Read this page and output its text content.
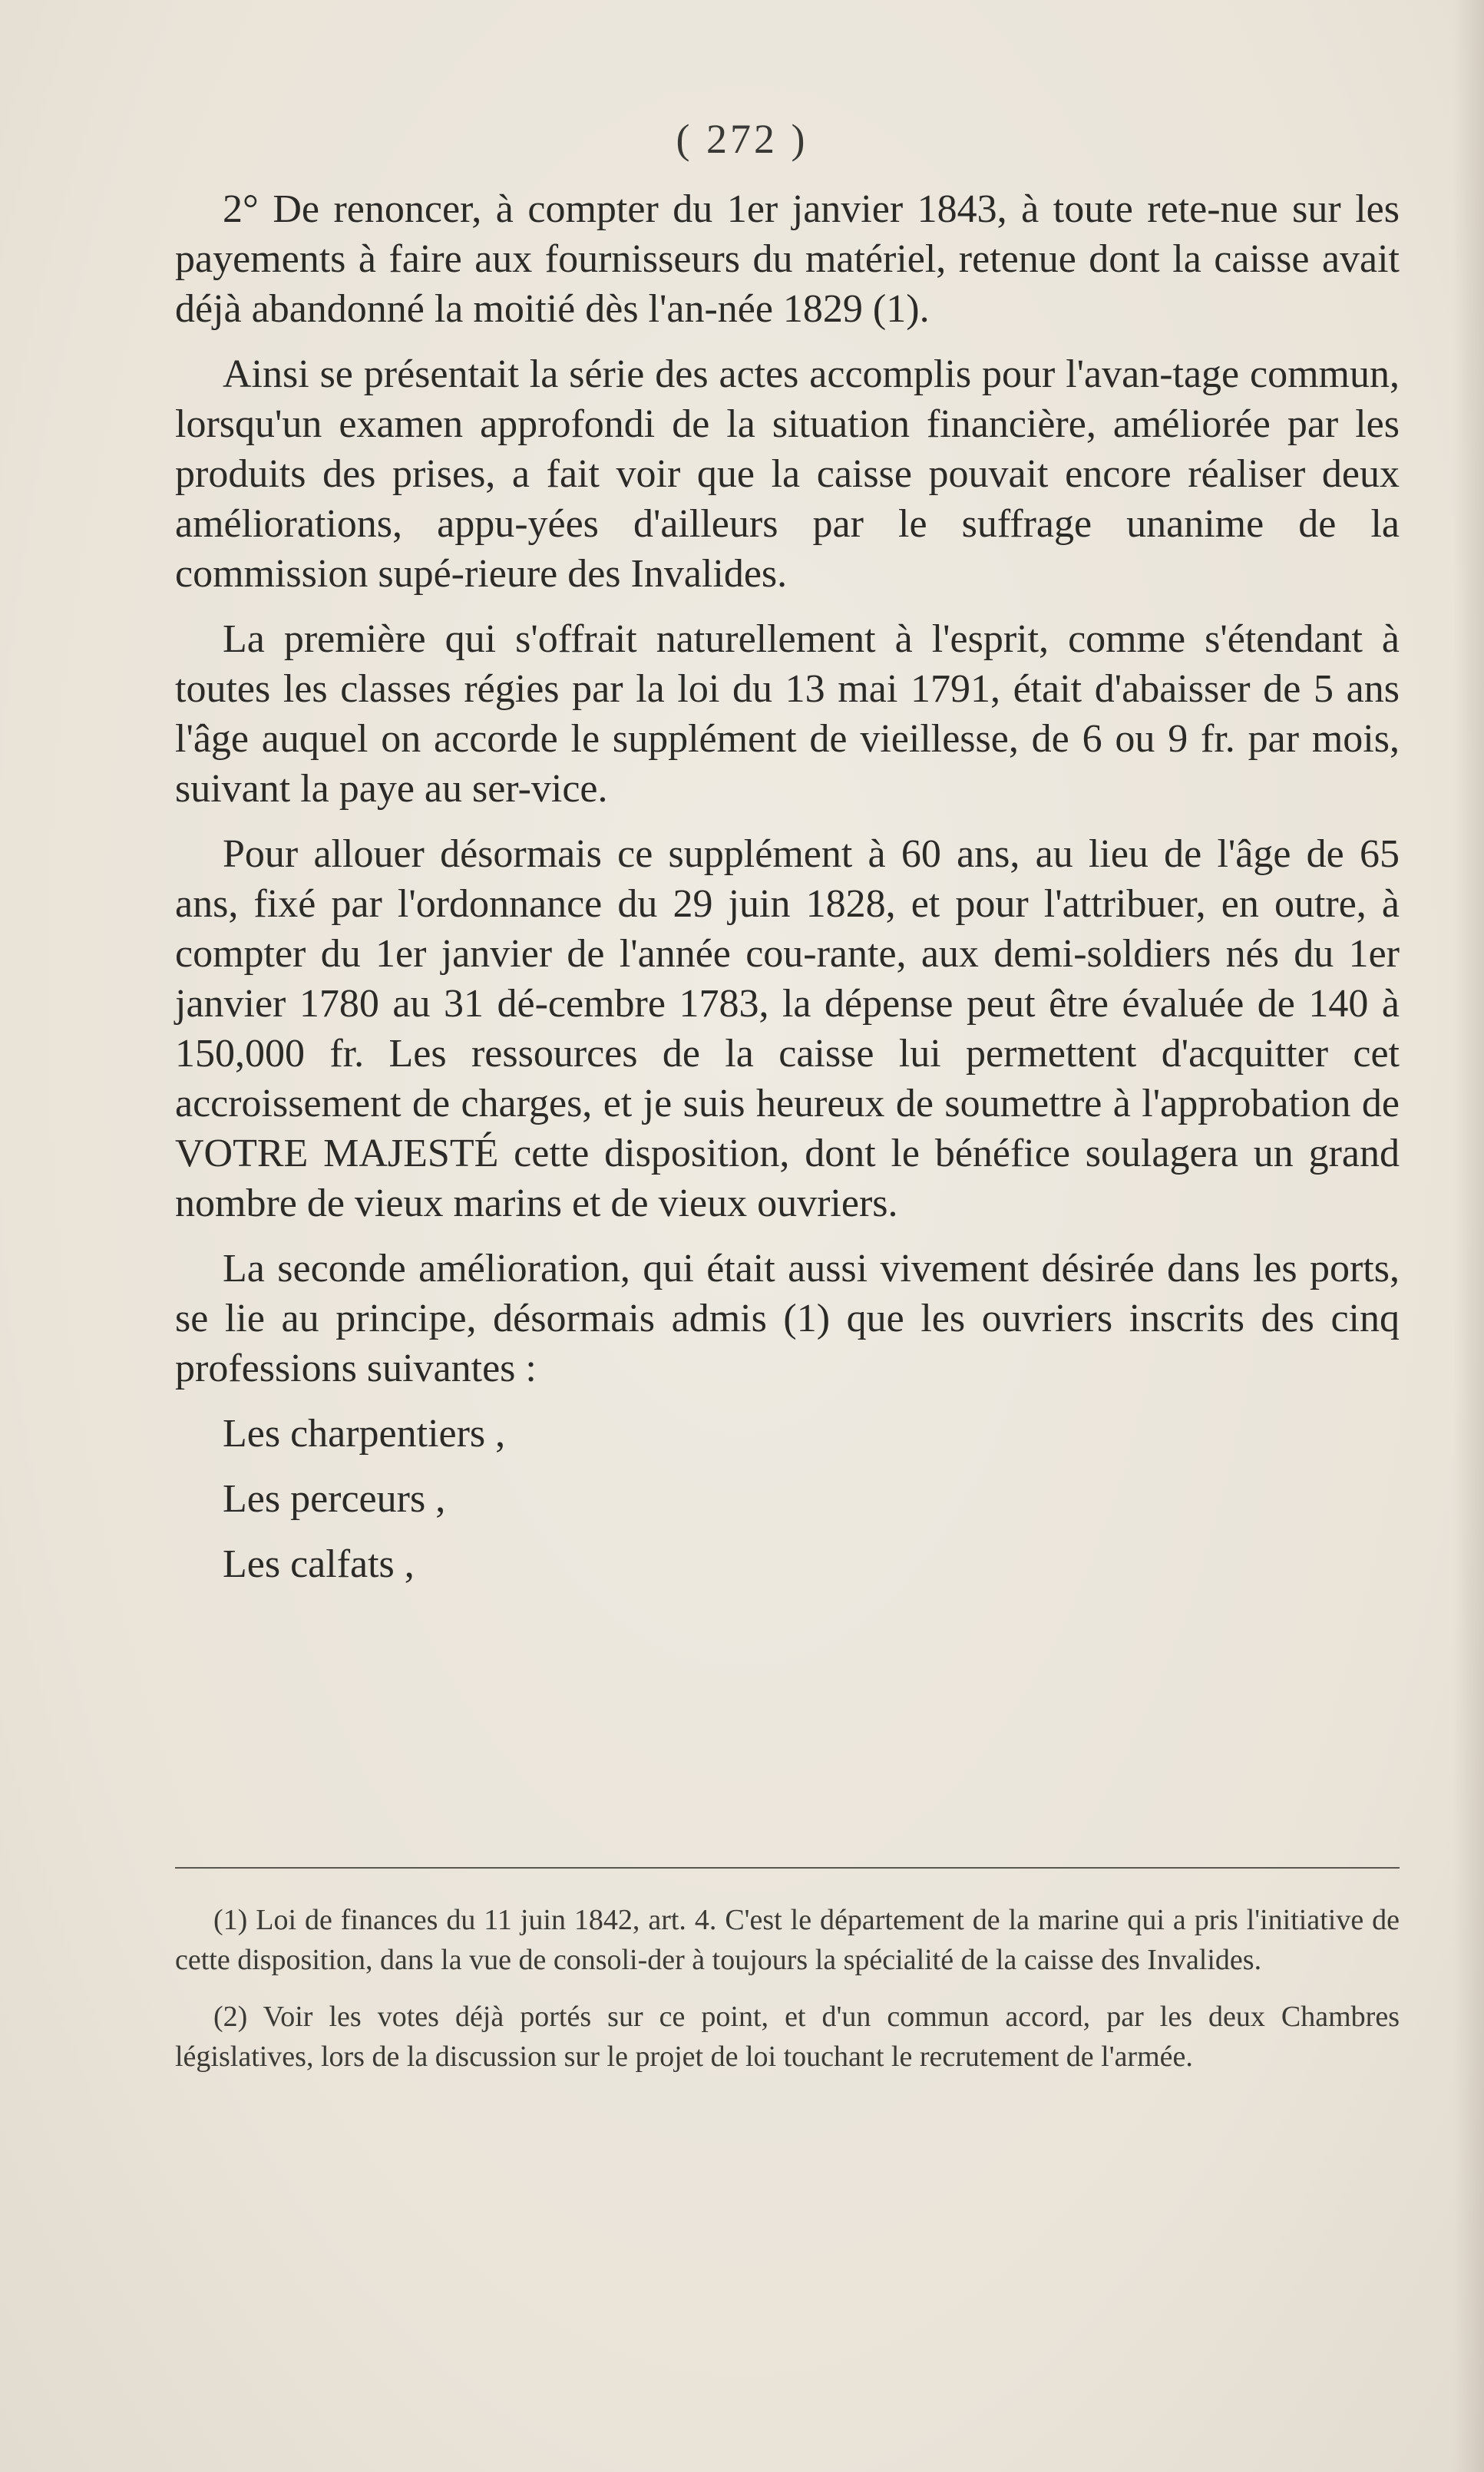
( 272 )

2° De renoncer, à compter du 1er janvier 1843, à toute rete-nue sur les payements à faire aux fournisseurs du matériel, retenue dont la caisse avait déjà abandonné la moitié dès l'an-née 1829 (1).

Ainsi se présentait la série des actes accomplis pour l'avan-tage commun, lorsqu'un examen approfondi de la situation financière, améliorée par les produits des prises, a fait voir que la caisse pouvait encore réaliser deux améliorations, appu-yées d'ailleurs par le suffrage unanime de la commission supé-rieure des Invalides.

La première qui s'offrait naturellement à l'esprit, comme s'étendant à toutes les classes régies par la loi du 13 mai 1791, était d'abaisser de 5 ans l'âge auquel on accorde le supplément de vieillesse, de 6 ou 9 fr. par mois, suivant la paye au ser-vice.

Pour allouer désormais ce supplément à 60 ans, au lieu de l'âge de 65 ans, fixé par l'ordonnance du 29 juin 1828, et pour l'attribuer, en outre, à compter du 1er janvier de l'année cou-rante, aux demi-soldiers nés du 1er janvier 1780 au 31 dé-cembre 1783, la dépense peut être évaluée de 140 à 150,000 fr. Les ressources de la caisse lui permettent d'acquitter cet accroissement de charges, et je suis heureux de soumettre à l'approbation de VOTRE MAJESTÉ cette disposition, dont le bénéfice soulagera un grand nombre de vieux marins et de vieux ouvriers.

La seconde amélioration, qui était aussi vivement désirée dans les ports, se lie au principe, désormais admis (1) que les ouvriers inscrits des cinq professions suivantes :

Les charpentiers ,

Les perceurs ,

Les calfats ,

(1) Loi de finances du 11 juin 1842, art. 4. C'est le département de la marine qui a pris l'initiative de cette disposition, dans la vue de consoli-der à toujours la spécialité de la caisse des Invalides.

(2) Voir les votes déjà portés sur ce point, et d'un commun accord, par les deux Chambres législatives, lors de la discussion sur le projet de loi touchant le recrutement de l'armée.
